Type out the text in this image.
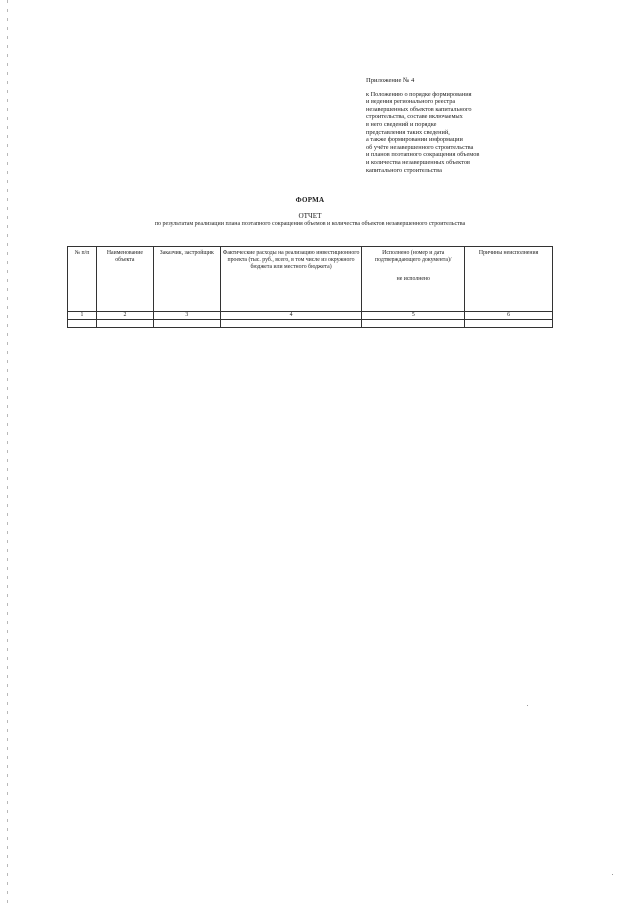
Приложение № 4
к Положению о порядке формирования
и ведения регионального реестра
незавершенных объектов капитального
строительства, составе включаемых
в него сведений и порядке
представления таких сведений,
а также формировании информации
об учёте незавершенного строительства
и планов поэтапного сокращения объемов
и количества незавершенных объектов
капитального строительства
ФОРМА
ОТЧЕТ
по результатам реализации плана поэтапного сокращения объемов и количества объектов незавершенного строительства
№ п/п	Наименование объекта	Заказчик, застройщик	Фактические расходы на реализацию инвестиционного проекта (тыс. руб., всего, в том числе из окружного бюджета или местного бюджета)	Исполнено (номер и дата подтверждающего документа)/
не исполнено	Причины неисполнения
1	2	3	4	5	6
